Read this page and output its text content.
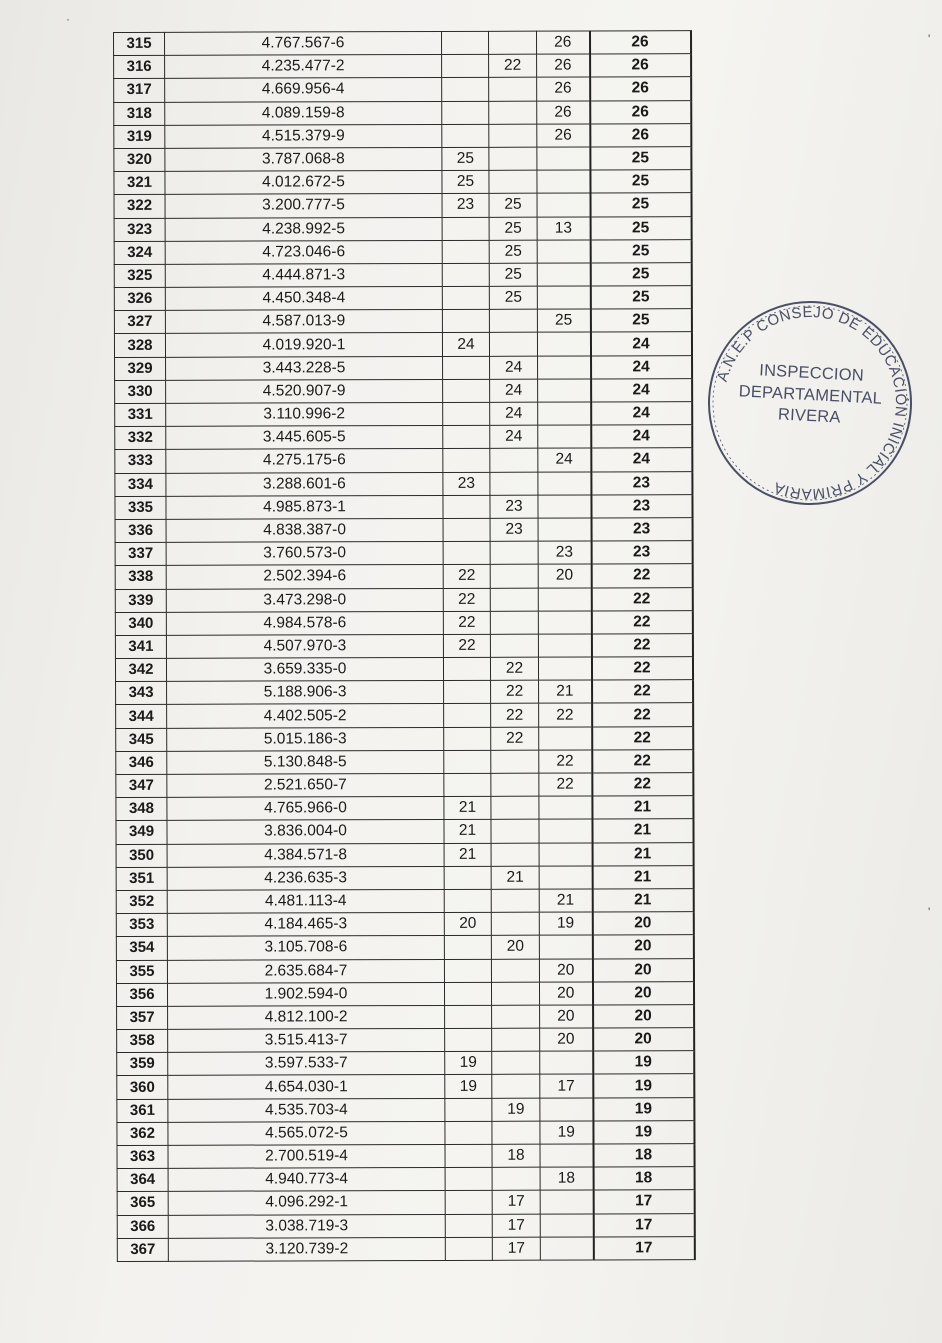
315	4.767.567-6			26	26
316	4.235.477-2		22	26	26
317	4.669.956-4			26	26
318	4.089.159-8			26	26
319	4.515.379-9			26	26
320	3.787.068-8	25			25
321	4.012.672-5	25			25
322	3.200.777-5	23	25		25
323	4.238.992-5		25	13	25
324	4.723.046-6		25		25
325	4.444.871-3		25		25
326	4.450.348-4		25		25
327	4.587.013-9			25	25
328	4.019.920-1	24			24
329	3.443.228-5		24		24
330	4.520.907-9		24		24
331	3.110.996-2		24		24
332	3.445.605-5		24		24
333	4.275.175-6			24	24
334	3.288.601-6	23			23
335	4.985.873-1		23		23
336	4.838.387-0		23		23
337	3.760.573-0			23	23
338	2.502.394-6	22		20	22
339	3.473.298-0	22			22
340	4.984.578-6	22			22
341	4.507.970-3	22			22
342	3.659.335-0		22		22
343	5.188.906-3		22	21	22
344	4.402.505-2		22	22	22
345	5.015.186-3		22		22
346	5.130.848-5			22	22
347	2.521.650-7			22	22
348	4.765.966-0	21			21
349	3.836.004-0	21			21
350	4.384.571-8	21			21
351	4.236.635-3		21		21
352	4.481.113-4			21	21
353	4.184.465-3	20		19	20
354	3.105.708-6		20		20
355	2.635.684-7			20	20
356	1.902.594-0			20	20
357	4.812.100-2			20	20
358	3.515.413-7			20	20
359	3.597.533-7	19			19
360	4.654.030-1	19		17	19
361	4.535.703-4		19		19
362	4.565.072-5			19	19
363	2.700.519-4		18		18
364	4.940.773-4			18	18
365	4.096.292-1		17		17
366	3.038.719-3		17		17
367	3.120.739-2		17		17
A.N.E.P CONSEJO DE EDUCACIÓN INICIAL Y PRIMARIA
INSPECCION
DEPARTAMENTAL
RIVERA
'
'
·
